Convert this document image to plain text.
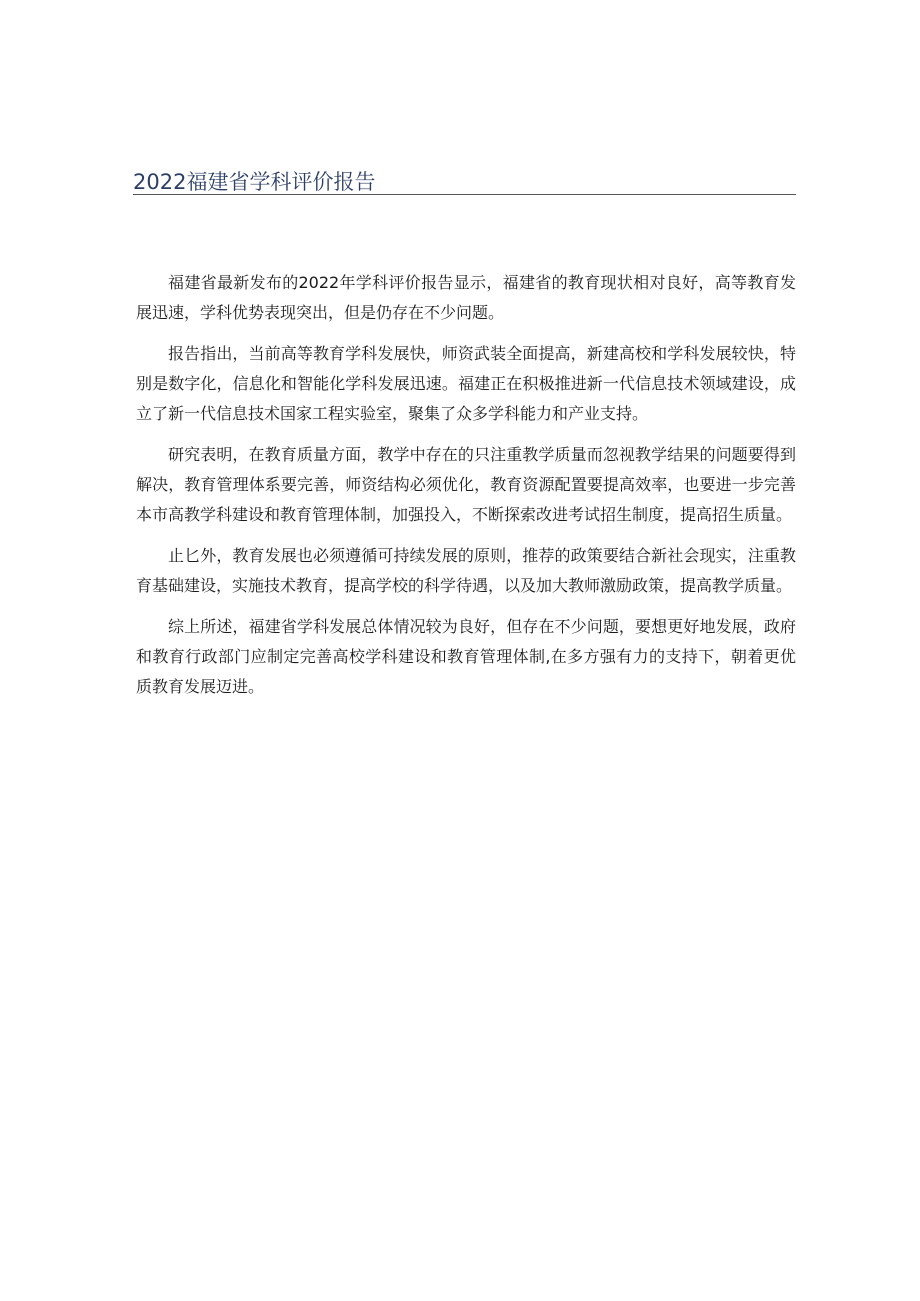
2022福建省学科评价报告

福建省最新发布的2022年学科评价报告显示，福建省的教育现状相对良好，高等教育发展迅速，学科优势表现突出，但是仍存在不少问题。

报告指出，当前高等教育学科发展快，师资武装全面提高，新建高校和学科发展较快，特别是数字化，信息化和智能化学科发展迅速。福建正在积极推进新一代信息技术领域建设，成立了新一代信息技术国家工程实验室，聚集了众多学科能力和产业支持。

研究表明，在教育质量方面，教学中存在的只注重教学质量而忽视教学结果的问题要得到解决，教育管理体系要完善，师资结构必须优化，教育资源配置要提高效率，也要进一步完善本市高教学科建设和教育管理体制，加强投入，不断探索改进考试招生制度，提高招生质量。

止匕外，教育发展也必须遵循可持续发展的原则，推荐的政策要结合新社会现实，注重教育基础建设，实施技术教育，提高学校的科学待遇，以及加大教师激励政策，提高教学质量。

综上所述，福建省学科发展总体情况较为良好，但存在不少问题，要想更好地发展，政府和教育行政部门应制定完善高校学科建设和教育管理体制,在多方强有力的支持下，朝着更优质教育发展迈进。
